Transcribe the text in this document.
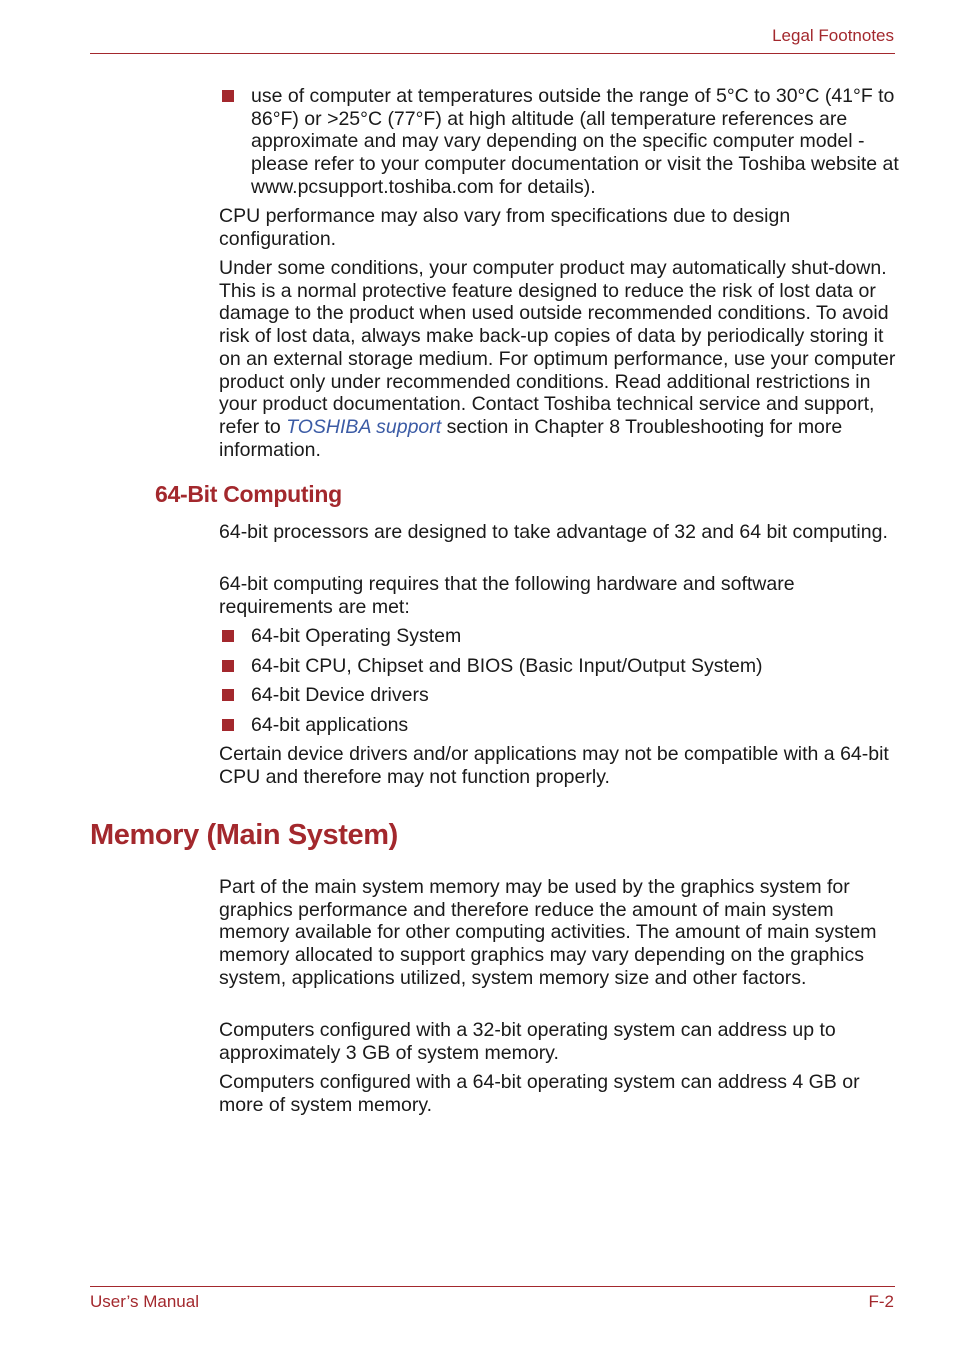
Legal Footnotes
use of computer at temperatures outside the range of 5°C to 30°C (41°F to 86°F) or >25°C (77°F) at high altitude (all temperature references are approximate and may vary depending on the specific computer model - please refer to your computer documentation or visit the Toshiba website at www.pcsupport.toshiba.com for details).

CPU performance may also vary from specifications due to design configuration.

Under some conditions, your computer product may automatically shut-down. This is a normal protective feature designed to reduce the risk of lost data or damage to the product when used outside recommended conditions. To avoid risk of lost data, always make back-up copies of data by periodically storing it on an external storage medium. For optimum performance, use your computer product only under recommended conditions. Read additional restrictions in your product documentation. Contact Toshiba technical service and support, refer to TOSHIBA support section in Chapter 8 Troubleshooting for more information.

64-Bit Computing

64-bit processors are designed to take advantage of 32 and 64 bit computing.

64-bit computing requires that the following hardware and software requirements are met:

64-bit Operating System
64-bit CPU, Chipset and BIOS (Basic Input/Output System)
64-bit Device drivers
64-bit applications

Certain device drivers and/or applications may not be compatible with a 64-bit CPU and therefore may not function properly.

Memory (Main System)

Part of the main system memory may be used by the graphics system for graphics performance and therefore reduce the amount of main system memory available for other computing activities. The amount of main system memory allocated to support graphics may vary depending on the graphics system, applications utilized, system memory size and other factors.

Computers configured with a 32-bit operating system can address up to approximately 3 GB of system memory.

Computers configured with a 64-bit operating system can address 4 GB or more of system memory.

User’s Manual	F-2
